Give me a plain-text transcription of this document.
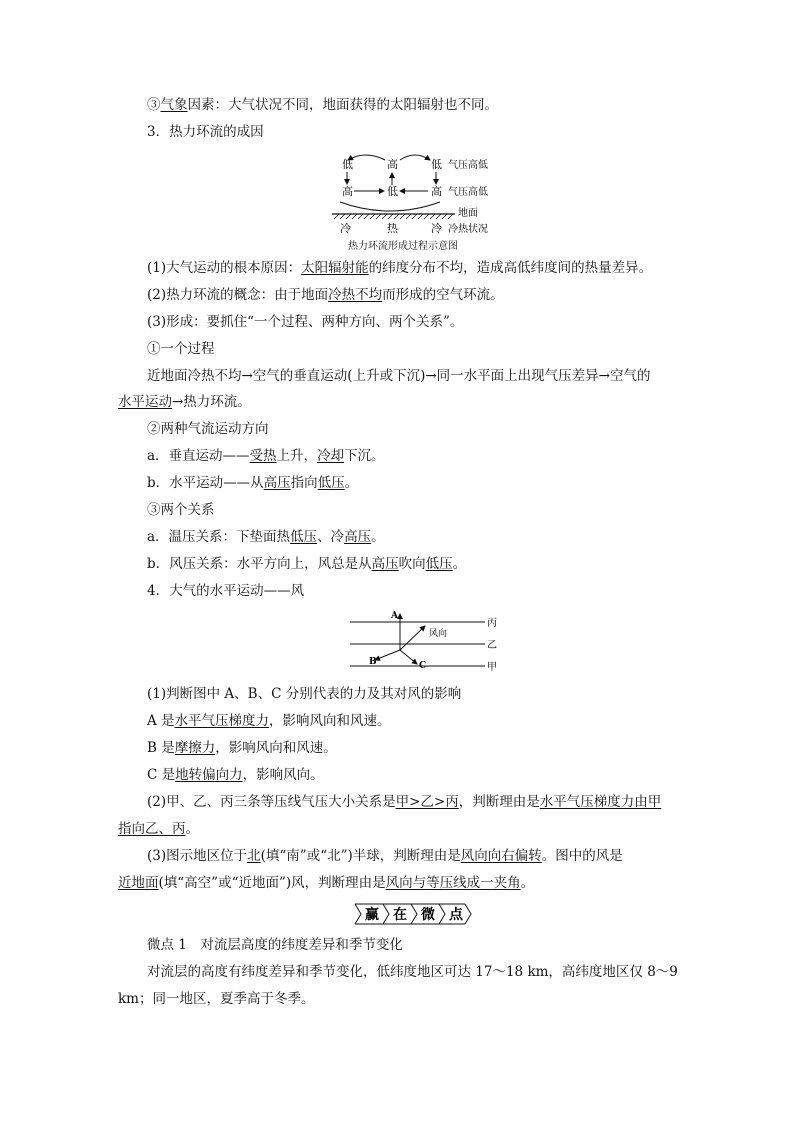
③气象因素：大气状况不同，地面获得的太阳辐射也不同。
3．热力环流的成因
低	高	低 气压高低
高	低	高 气压高低
地面
冷	热	冷 冷热状况
热力环流形成过程示意图
(1)大气运动的根本原因：太阳辐射能的纬度分布不均，造成高低纬度间的热量差异。
(2)热力环流的概念：由于地面冷热不均而形成的空气环流。
(3)形成：要抓住“一个过程、两种方向、两个关系”。
①一个过程
近地面冷热不均→空气的垂直运动(上升或下沉)→同一水平面上出现气压差异→空气的
水平运动→热力环流。
②两种气流运动方向
a．垂直运动——受热上升，冷却下沉。
b．水平运动——从高压指向低压。
③两个关系
a．温压关系：下垫面热低压、冷高压。
b．风压关系：水平方向上，风总是从高压吹向低压。
4．大气的水平运动——风
丙
乙
甲
A
风向
B	C
(1)判断图中 A、B、C 分别代表的力及其对风的影响
A 是水平气压梯度力，影响风向和风速。
B 是摩擦力，影响风向和风速。
C 是地转偏向力，影响风向。
(2)甲、乙、丙三条等压线气压大小关系是甲>乙>丙，判断理由是水平气压梯度力由甲
指向乙、丙。
(3)图示地区位于北(填“南”或“北”)半球，判断理由是风向向右偏转。图中的风是
近地面(填“高空”或“近地面”)风，判断理由是风向与等压线成一夹角。
赢 在 微 点
微点 1　对流层高度的纬度差异和季节变化
对流层的高度有纬度差异和季节变化，低纬度地区可达 17～18 km，高纬度地区仅 8～9
km；同一地区，夏季高于冬季。
